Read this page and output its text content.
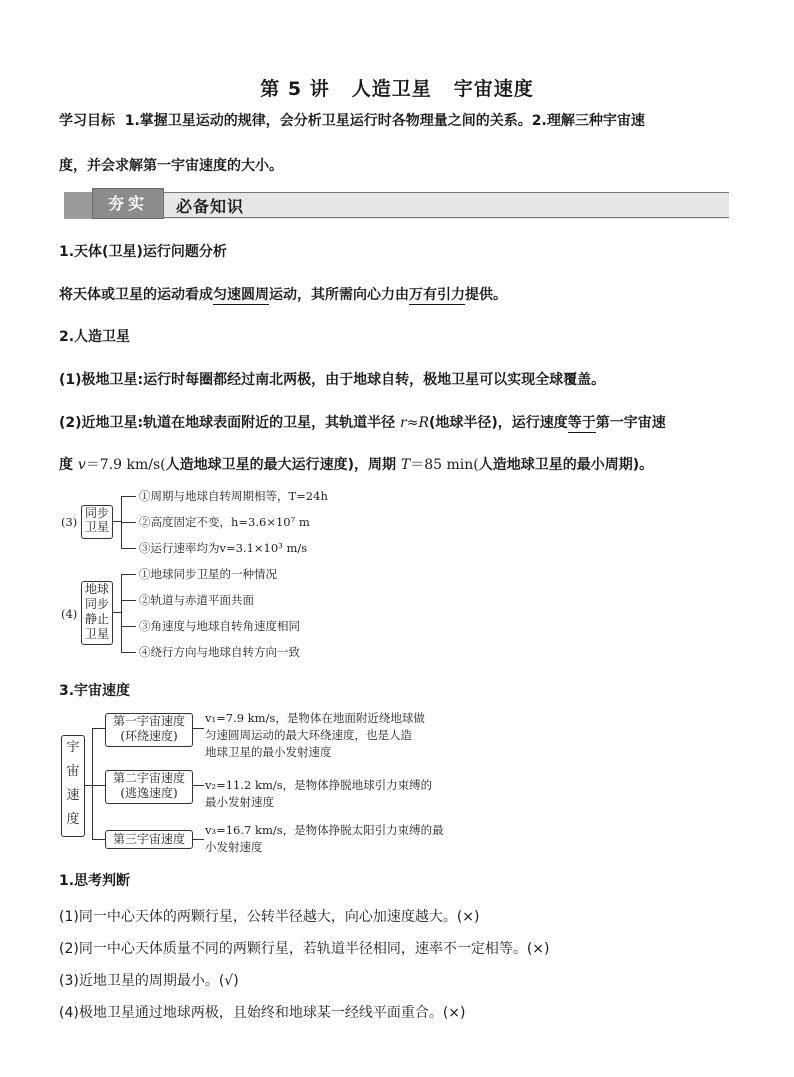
第 5 讲 人造卫星 宇宙速度
学习目标 1.掌握卫星运动的规律，会分析卫星运行时各物理量之间的关系。2.理解三种宇宙速
度，并会求解第一宇宙速度的大小。
夯实	必备知识
1.天体(卫星)运行问题分析
将天体或卫星的运动看成匀速圆周运动，其所需向心力由万有引力提供。
2.人造卫星
(1)极地卫星:运行时每圈都经过南北两极，由于地球自转，极地卫星可以实现全球覆盖。
(2)近地卫星:轨道在地球表面附近的卫星，其轨道半径 r≈R(地球半径)，运行速度等于第一宇宙速
度 v＝7.9 km/s(人造地球卫星的最大运行速度)，周期 T＝85 min(人造地球卫星的最小周期)。
(3)
同步
卫星
①周期与地球自转周期相等，T=24h
②高度固定不变，h=3.6×10⁷ m
③运行速率均为v=3.1×10³ m/s
(4)
地球
同步
静止
卫星
①地球同步卫星的一种情况
②轨道与赤道平面共面
③角速度与地球自转角速度相同
④绕行方向与地球自转方向一致
3.宇宙速度
宇
宙
速
度
第一宇宙速度
(环绕速度)
v₁=7.9 km/s，是物体在地面附近绕地球做
匀速圆周运动的最大环绕速度，也是人造
地球卫星的最小发射速度
第二宇宙速度
(逃逸速度)
v₂=11.2 km/s，是物体挣脱地球引力束缚的
最小发射速度
第三宇宙速度
v₃=16.7 km/s，是物体挣脱太阳引力束缚的最
小发射速度
1.思考判断
(1)同一中心天体的两颗行星，公转半径越大，向心加速度越大。(×)
(2)同一中心天体质量不同的两颗行星，若轨道半径相同，速率不一定相等。(×)
(3)近地卫星的周期最小。(√)
(4)极地卫星通过地球两极，且始终和地球某一经线平面重合。(×)
